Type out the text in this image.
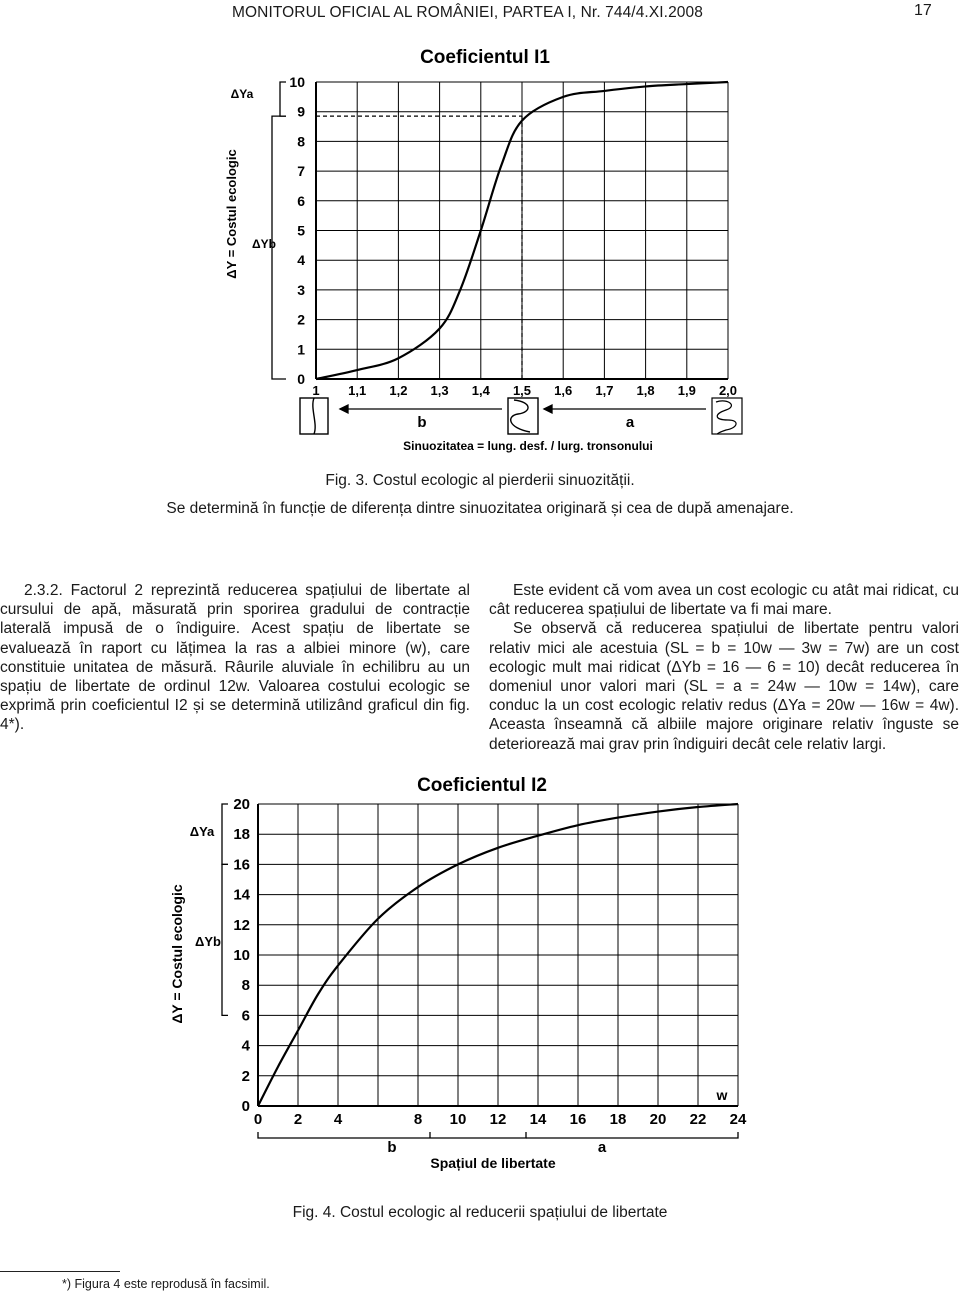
MONITORUL OFICIAL AL ROMÂNIEI, PARTEA I, Nr. 744/4.XI.2008	17
Coeficientul I1
ΔY = Costul ecologic
ΔYa
ΔYb
0
1
2
3
4
5
6
7
8
9
10
1 1,1 1,2 1,3 1,4 1,5 1,6 1,7 1,8 1,9 2,0
b	a
Sinuozitatea = lung. desf. / lurg. tronsonului
Fig. 3. Costul ecologic al pierderii sinuozității.
Se determină în funcție de diferența dintre sinuozitatea originară și cea de după amenajare.

2.3.2. Factorul 2 reprezintă reducerea spațiului de libertate al cursului de apă, măsurată prin sporirea gradului de contracție laterală impusă de o îndiguire. Acest spațiu de libertate se evaluează în raport cu lățimea la ras a albiei minore (w), care constituie unitatea de măsură. Râurile aluviale în echilibru au un spațiu de libertate de ordinul 12w. Valoarea costului ecologic se exprimă prin coeficientul I2 și se determină utilizând graficul din fig. 4*).

Este evident că vom avea un cost ecologic cu atât mai ridicat, cu cât reducerea spațiului de libertate va fi mai mare.

Se observă că reducerea spațiului de libertate pentru valori relativ mici ale acestuia (SL = b = 10w — 3w = 7w) are un cost ecologic mult mai ridicat (ΔYb = 16 — 6 = 10) decât reducerea în domeniul unor valori mari (SL = a = 24w — 10w = 14w), care conduc la un cost ecologic relativ redus (ΔYa = 20w — 16w = 4w). Aceasta înseamnă că albiile majore originare relativ înguste se deteriorează mai grav prin îndiguiri decât cele relativ largi.

Coeficientul I2
ΔY = Costul ecologic
ΔYa
ΔYb
0
2
4
6
8
10
12
14
16
18
20
0 2 4	8 10 12 14 16 18 20 22 24
w
b	a
Spațiul de libertate
Fig. 4. Costul ecologic al reducerii spațiului de libertate
*) Figura 4 este reprodusă în facsimil.
